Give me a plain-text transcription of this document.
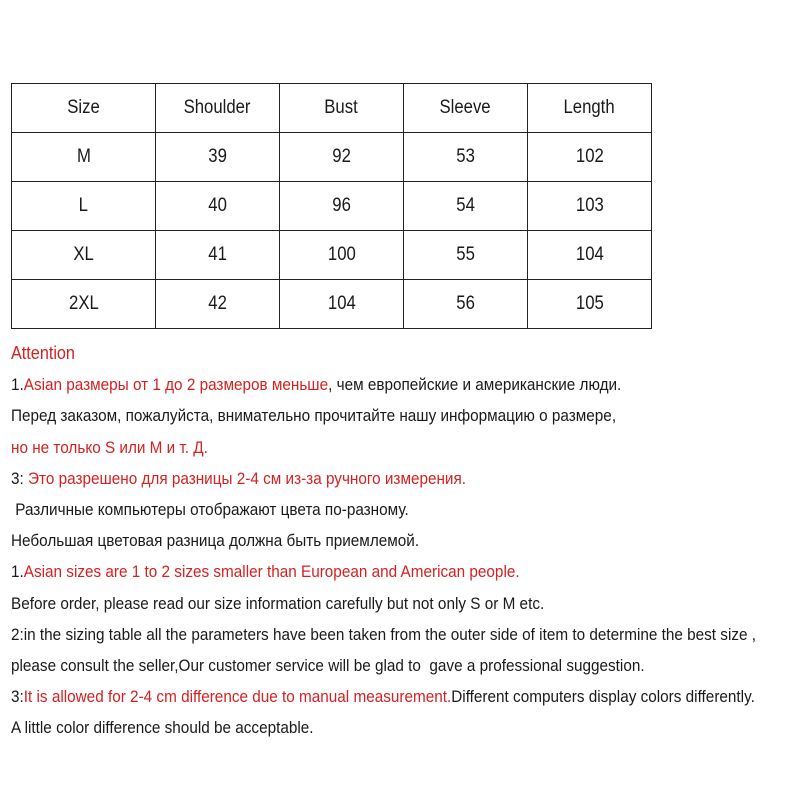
Size	Shoulder	Bust	Sleeve	Length
M	39	92	53	102
L	40	96	54	103
XL	41	100	55	104
2XL	42	104	56	105
Attention
1.Asian размеры от 1 до 2 размеров меньше, чем европейские и американские люди.
Перед заказом, пожалуйста, внимательно прочитайте нашу информацию о размере,
но не только S или M и т. Д.
3: Это разрешено для разницы 2-4 см из-за ручного измерения.
Различные компьютеры отображают цвета по-разному.
Небольшая цветовая разница должна быть приемлемой.
1.Asian sizes are 1 to 2 sizes smaller than European and American people.
Before order, please read our size information carefully but not only S or M etc.
2:in the sizing table all the parameters have been taken from the outer side of item to determine the best size ,
please consult the seller,Our customer service will be glad to  gave a professional suggestion.
3:It is allowed for 2-4 cm difference due to manual measurement.Different computers display colors differently.
A little color difference should be acceptable.
